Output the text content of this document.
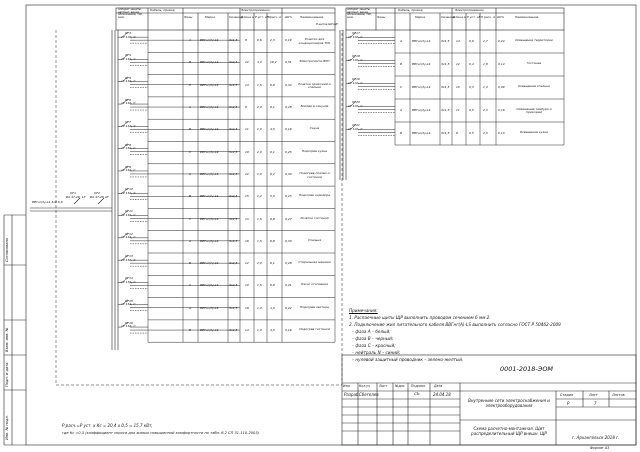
Согласовано
Взам. инв. №
Подп. и дата
Инв. № подл.
Аппарат защиты, автомат. ввода, обозначение, тип, Iном.
Кабель, провод
Фазы	Марка	Сечение
Электроприемник
Длина м Р уст. кВт
I расч. А ΔU%	Наименование
В щитке ЩР ЩР
Аппарат защиты, автомат. ввода, обозначение, тип, Iном.
Кабель, провод
Фазы	Марка	Сечение
Электроприемник
Длина м Р уст. кВт I расч. А ΔU%	Наименование
ВВГнг(А)-LS 3х6 6,6
QF1
ВА 47-29, 1Р
QF2
ВА 47-29 4P
QF3
1Р 10А, С
A	ВВГнг(А)-LS	3х1,5	8	0,6	2,3	0,19	Розетки для кондиционеров ТУП
QF4
1Р 16А, С
В	ВВГнг(А)-LS	3х2,5	12	4,0	18,2	0,51	Электроплита ЭЛП
QF5
1Р 16А, С
С	ВВГнг(А)-LS	3х2,5	14	1,5	6,8	0,34	Розетки прихожей и спальни
QF6
1Р 16А, С
А	ВВГнг(А)-LS	3х2,5	9	2,0	9,1	0,28	Бойлер в санузле
QF7
1Р 16А, С
В	ВВГнг(А)-LS	3х2,5	11	1,0	4,5	0,19	Сауна
QF8
1Р 16А, С
С	ВВГнг(А)-LS	3х2,5	10	2,0	9,1	0,25	Подогрев кухни
QF9
1Р 16А, С
А	ВВГнг(А)-LS	3х2,5	12	1,8	8,2	0,30	Подогрев спален и гостиной
QF10
1Р 16А, С
В	ВВГнг(А)-LS	3х2,5	15	1,2	5,5	0,23	Подогрев коридора
QF11
1Р 16А, С
С	ВВГнг(А)-LS	3х2,5	13	1,5	6,8	0,27	Розетки гостиной
QF12
1Р 16А, С
А	ВВГнг(А)-LS	3х2,5	16	1,5	6,8	0,30	Спальня
QF13
1Р 16А, С
В	ВВГнг(А)-LS	3х2,5	12	2,0	9,1	0,28	Стиральная машина
QF14
1Р 16А, С
С	ВВГнг(А)-LS	3х2,5	10	1,5	6,8	0,21	Насос отопления
QF15
1Р 16А, С
А	ВВГнг(А)-LS	3х2,5	18	1,0	4,5	0,22	Подогрев лестниц
QF16
1Р 16А, С
В	ВВГнг(А)-LS	3х2,5	14	1,0	4,5	0,19	Подогрев гостиной
QF17
1Р 10А, С
А	ВВГнг(А)-LS	3х1,5 14	0,6	2,7	0,24	Освещение территории
QF18
1Р 10А, С
В	ВВГнг(А)-LS	3х1,5 12	0,4	1,8	0,14	Гостиная
QF19
1Р 10А, С
С	ВВГнг(А)-LS	3х1,5 10	0,3	1,4	0,09	Освещение спальни
QF20
1Р 10А, С
А	ВВГнг(А)-LS	3х1,5 11	0,5	2,3	0,16	Освещение тамбура и прихожей
QF21
1Р 10А, С
В	ВВГнг(А)-LS	3х1,5 9	0,5	2,3	0,13	Освещение кухни
Примечания:
1. Распаечные щиты ЩР выполнить проводом сечением 6 мм 2.
2. Подключение жил питательного кабеля ВВГнг(А)-LS выполнить согласно ГОСТ Р 50462-2009
– фаза А – белый;
– фаза В – черный;
– фаза С – красный;
– нейтраль N – синий;
– нулевой защитный проводник – зелено-желтый.
Р расч.=Р уст. х Кс = 20,4 х 0,5 = 15,7 кВт,
где Кс =0,5 (коэффициент спроса для жилых повышенной комфортности по табл. 6.2 СП 31-110-2003)
0001-2018-ЭОМ
Изм.	Кол.уч	Лист №док. Подпись	Дата
Разраб. Сбегелев	Cb	24.04.18
Внутренние сети электроснабжения и электрооборудования
Стадия	Лист	Листов
Р	7
Схема расчетно-монтажная. Щит распределительный ЩР внешн. ЩР
г. Архангельск 2018 г.
Формат А3
